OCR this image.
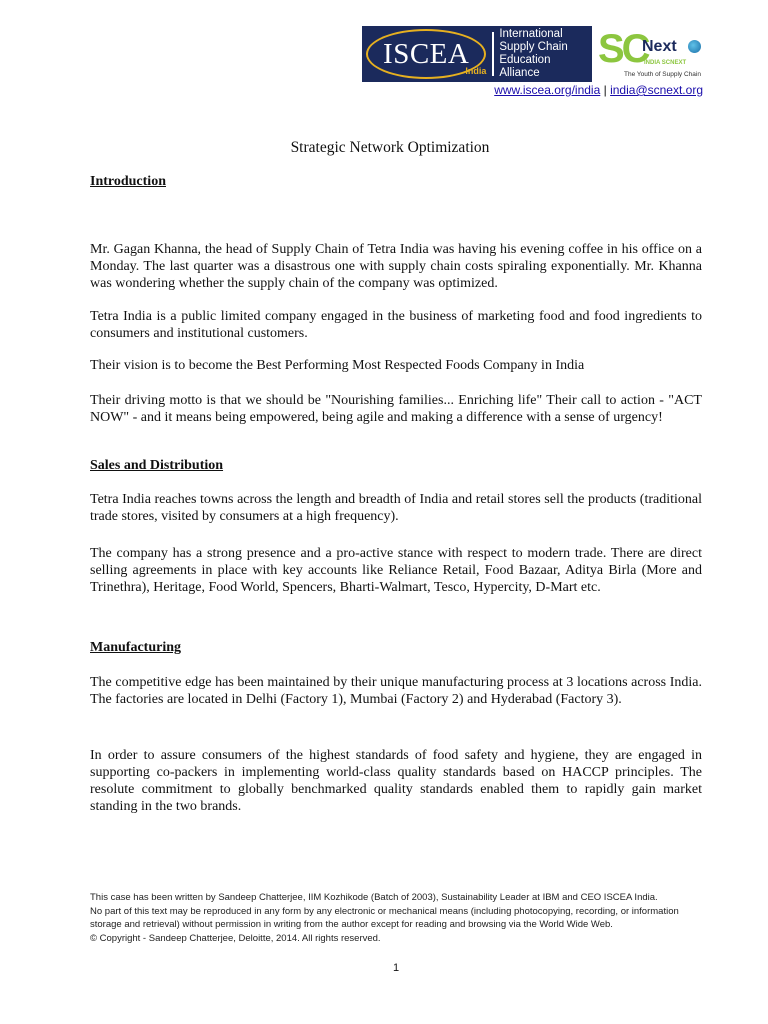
ISCEA
India
International
Supply Chain
Education Alliance
SC
Next
INDIA SCNEXT
The Youth of Supply Chain
www.iscea.org/india | india@scnext.org
Strategic Network Optimization
Introduction

Mr. Gagan Khanna, the head of Supply Chain of Tetra India was having his evening coffee in his office on a Monday. The last quarter was a disastrous one with supply chain costs spiraling exponentially. Mr. Khanna was wondering whether the supply chain of the company was optimized.

Tetra India is a public limited company engaged in the business of marketing food and food ingredients to consumers and institutional customers.

Their vision is to become the Best Performing Most Respected Foods Company in India

Their driving motto is that we should be "Nourishing families... Enriching life" Their call to action - "ACT NOW" - and it means being empowered, being agile and making a difference with a sense of urgency!

Sales and Distribution

Tetra India reaches towns across the length and breadth of India and retail stores sell the products (traditional trade stores, visited by consumers at a high frequency).

The company has a strong presence and a pro-active stance with respect to modern trade. There are direct selling agreements in place with key accounts like Reliance Retail, Food Bazaar, Aditya Birla (More and Trinethra), Heritage, Food World, Spencers, Bharti-Walmart, Tesco, Hypercity, D-Mart etc.

Manufacturing

The competitive edge has been maintained by their unique manufacturing process at 3 locations across India. The factories are located in Delhi (Factory 1), Mumbai (Factory 2) and Hyderabad (Factory 3).

In order to assure consumers of the highest standards of food safety and hygiene, they are engaged in supporting co-packers in implementing world-class quality standards based on HACCP principles. The resolute commitment to globally benchmarked quality standards enabled them to rapidly gain market standing in the two brands.

This case has been written by Sandeep Chatterjee, IIM Kozhikode (Batch of 2003), Sustainability Leader at IBM and CEO ISCEA India.
No part of this text may be reproduced in any form by any electronic or mechanical means (including photocopying, recording, or information storage and retrieval) without permission in writing from the author except for reading and browsing via the World Wide Web.
© Copyright - Sandeep Chatterjee, Deloitte, 2014. All rights reserved.
1
